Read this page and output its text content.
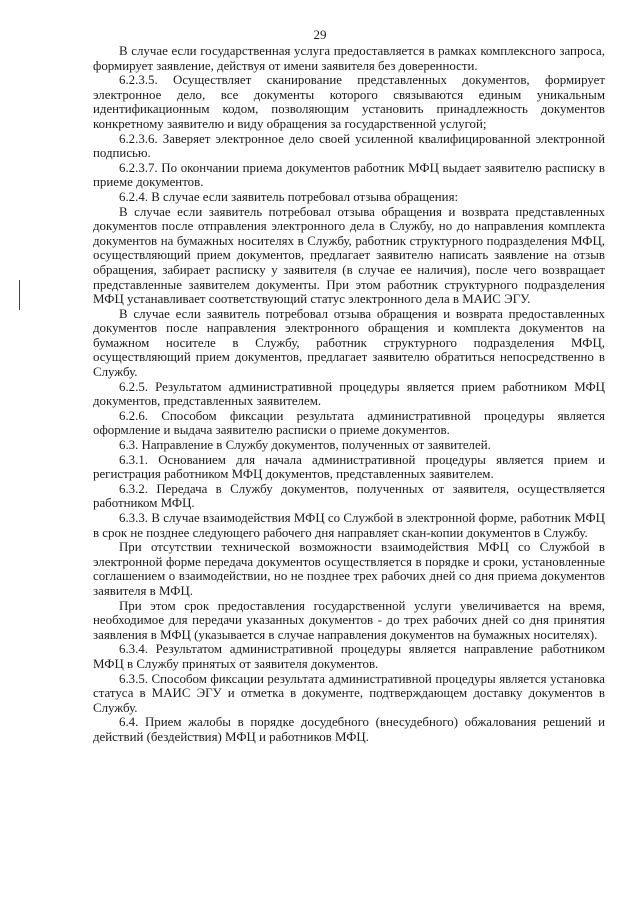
29

В случае если государственная услуга предоставляется в рамках комплексного запроса, формирует заявление, действуя от имени заявителя без доверенности.

6.2.3.5. Осуществляет сканирование представленных документов, формирует электронное дело, все документы которого связываются единым уникальным идентификационным кодом, позволяющим установить принадлежность документов конкретному заявителю и виду обращения за государственной услугой;

6.2.3.6. Заверяет электронное дело своей усиленной квалифицированной электронной подписью.

6.2.3.7. По окончании приема документов работник МФЦ выдает заявителю расписку в приеме документов.

6.2.4. В случае если заявитель потребовал отзыва обращения:

В случае если заявитель потребовал отзыва обращения и возврата представленных документов после отправления электронного дела в Службу, но до направления комплекта документов на бумажных носителях в Службу, работник структурного подразделения МФЦ, осуществляющий прием документов, предлагает заявителю написать заявление на отзыв обращения, забирает расписку у заявителя (в случае ее наличия), после чего возвращает представленные заявителем документы. При этом работник структурного подразделения МФЦ устанавливает соответствующий статус электронного дела в МАИС ЭГУ.

В случае если заявитель потребовал отзыва обращения и возврата предоставленных документов после направления электронного обращения и комплекта документов на бумажном носителе в Службу, работник структурного подразделения МФЦ, осуществляющий прием документов, предлагает заявителю обратиться непосредственно в Службу.

6.2.5. Результатом административной процедуры является прием работником МФЦ документов, представленных заявителем.

6.2.6. Способом фиксации результата административной процедуры является оформление и выдача заявителю расписки о приеме документов.

6.3. Направление в Службу документов, полученных от заявителей.

6.3.1. Основанием для начала административной процедуры является прием и регистрация работником МФЦ документов, представленных заявителем.

6.3.2. Передача в Службу документов, полученных от заявителя, осуществляется работником МФЦ.

6.3.3. В случае взаимодействия МФЦ со Службой в электронной форме, работник МФЦ в срок не позднее следующего рабочего дня направляет скан-копии документов в Службу.

При отсутствии технической возможности взаимодействия МФЦ со Службой в электронной форме передача документов осуществляется в порядке и сроки, установленные соглашением о взаимодействии, но не позднее трех рабочих дней со дня приема документов заявителя в МФЦ.

При этом срок предоставления государственной услуги увеличивается на время, необходимое для передачи указанных документов - до трех рабочих дней со дня принятия заявления в МФЦ (указывается в случае направления документов на бумажных носителях).

6.3.4. Результатом административной процедуры является направление работником МФЦ в Службу принятых от заявителя документов.

6.3.5. Способом фиксации результата административной процедуры является установка статуса в МАИС ЭГУ и отметка в документе, подтверждающем доставку документов в Службу.

6.4. Прием жалобы в порядке досудебного (внесудебного) обжалования решений и действий (бездействия) МФЦ и работников МФЦ.
